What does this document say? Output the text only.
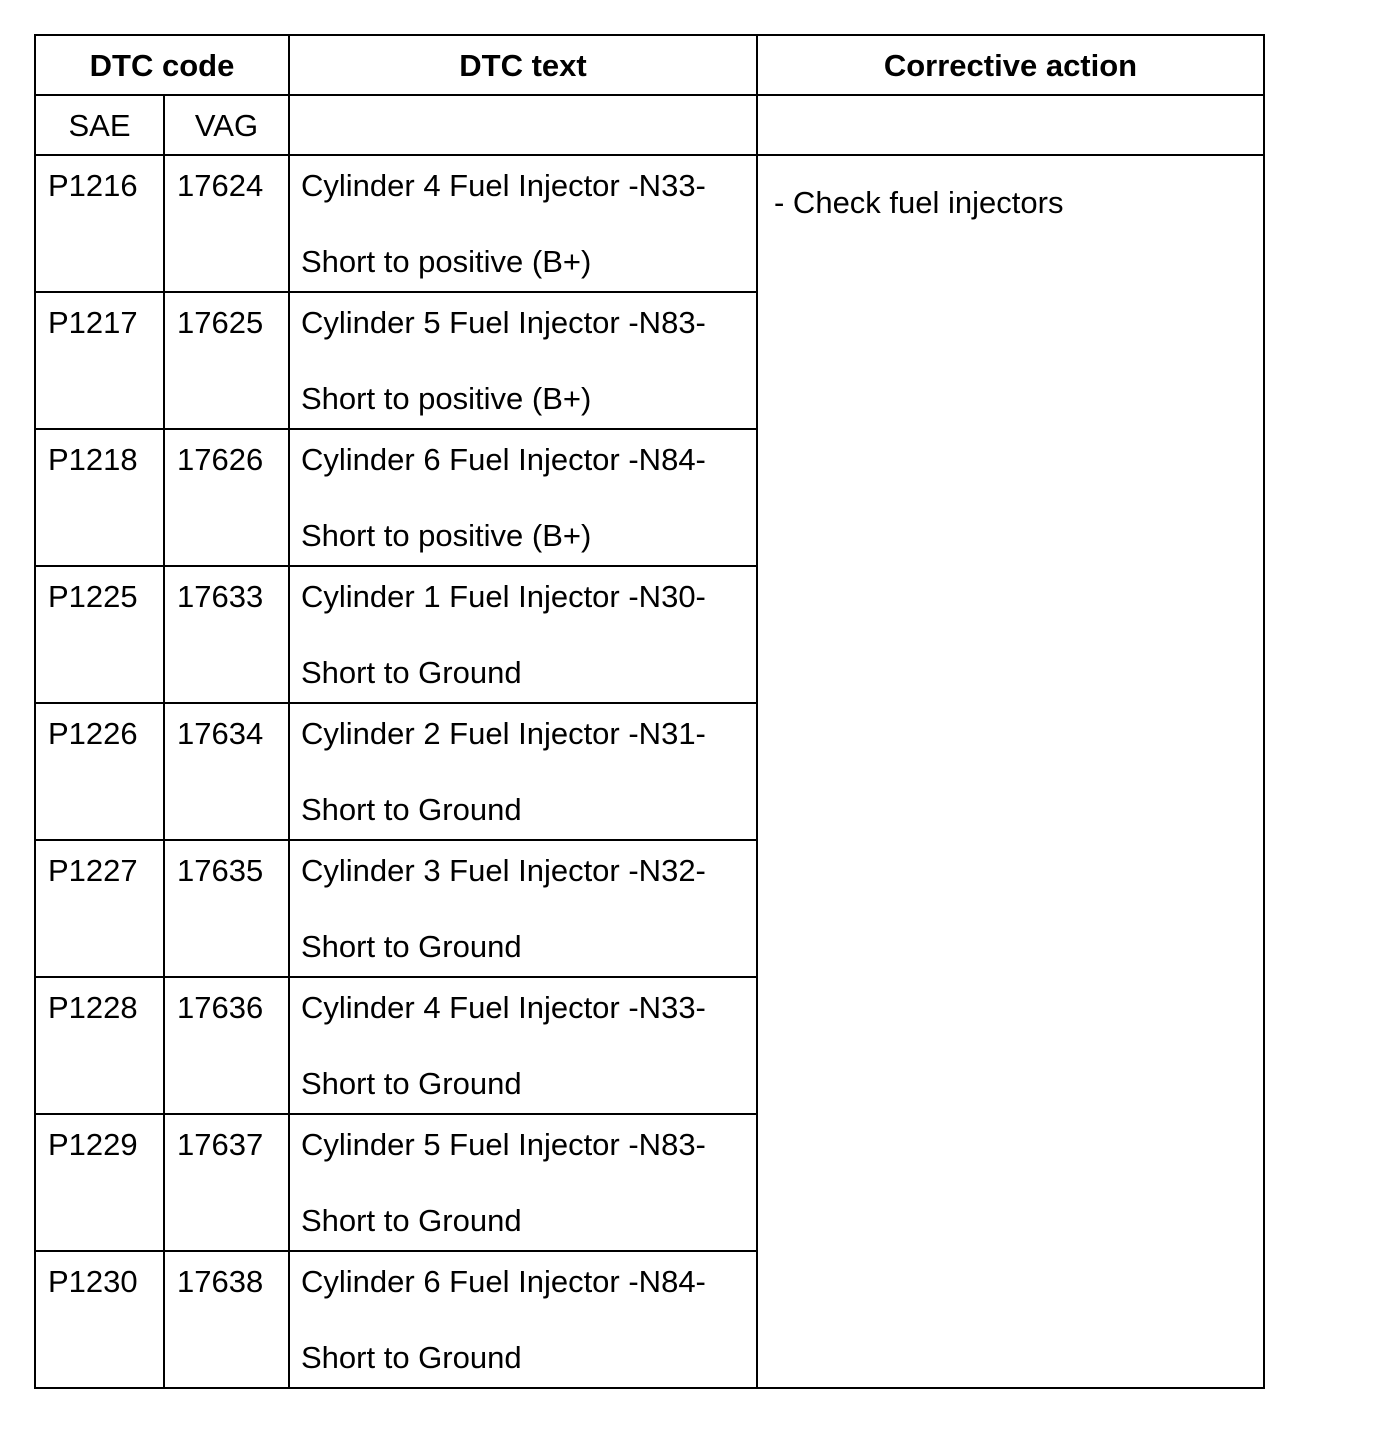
DTC code		DTC text	Corrective action
SAE	VAG		
P1216	17624	Cylinder 4 Fuel Injector -N33-
Short to positive (B+)	- Check fuel injectors
P1217	17625	Cylinder 5 Fuel Injector -N83-
Short to positive (B+)	

P1218	17626	Cylinder 6 Fuel Injector -N84-
Short to positive (B+)	

P1225	17633	Cylinder 1 Fuel Injector -N30-
Short to Ground	

P1226	17634	Cylinder 2 Fuel Injector -N31-
Short to Ground	

P1227	17635	Cylinder 3 Fuel Injector -N32-
Short to Ground	

P1228	17636	Cylinder 4 Fuel Injector -N33-
Short to Ground	

P1229	17637	Cylinder 5 Fuel Injector -N83-
Short to Ground	

P1230	17638	Cylinder 6 Fuel Injector -N84-
Short to Ground	
